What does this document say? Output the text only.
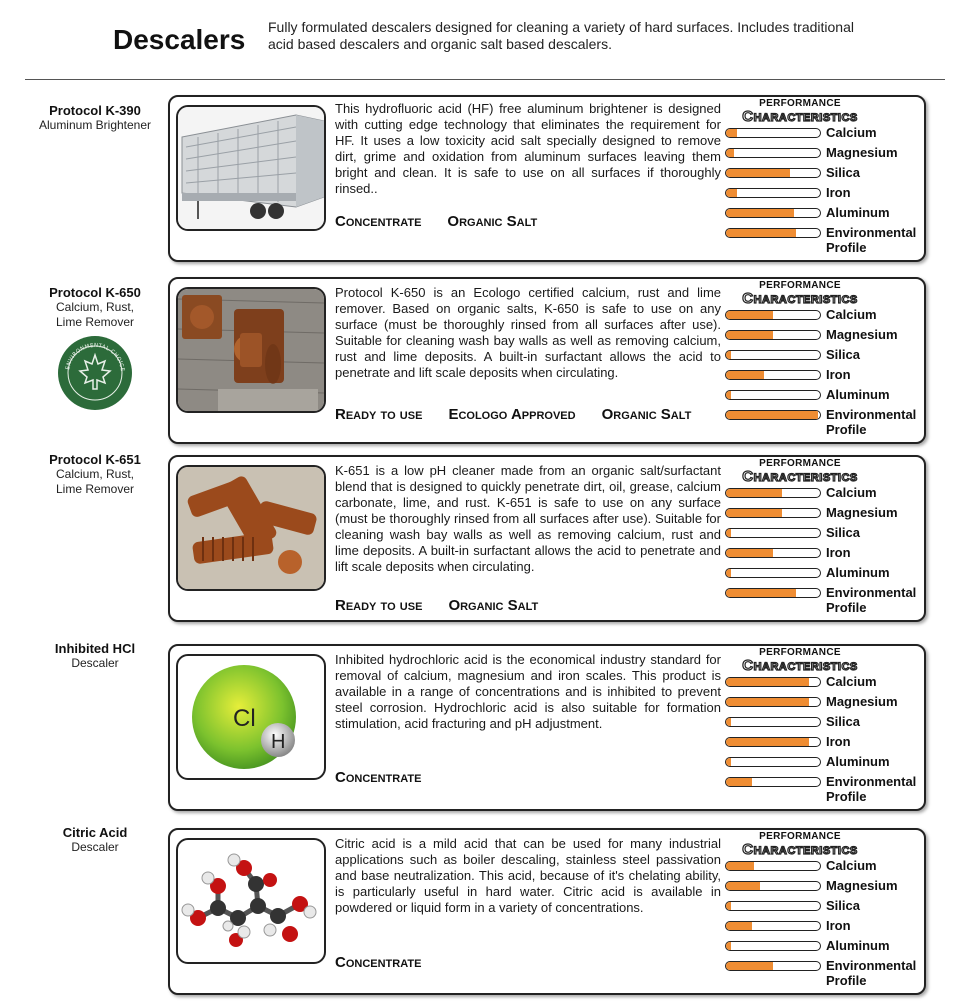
Descalers Fully formulated descalers designed for cleaning a variety of hard surfaces. Includes traditional acid based descalers and organic salt based descalers.
Protocol K-390
Aluminum Brightener
This hydrofluoric acid (HF) free aluminum brightener is designed with cutting edge technology that eliminates the requirement for HF. It uses a low toxicity acid salt specially designed to remove dirt, grime and oxidation from aluminum surfaces leaving them bright and clean. It is safe to use on all surfaces if thoroughly rinsed..
Concentrate Organic Salt
PERFORMANCE
Characteristics
Calcium
Magnesium
Silica
Iron
Aluminum
Environmental Profile
Protocol K-650
Calcium, Rust,
Lime Remover
ENVIRONMENTAL CHOICE
Protocol K-650 is an Ecologo certified calcium, rust and lime remover. Based on organic salts, K-650 is safe to use on any surface (must be thoroughly rinsed from all surfaces after use). Suitable for cleaning wash bay walls as well as removing calcium, rust and lime deposits. A built-in surfactant allows the acid to penetrate and lift scale deposits when circulating.
Ready to use Ecologo Approved Organic Salt
PERFORMANCE
Characteristics
Calcium
Magnesium
Silica
Iron
Aluminum
Environmental Profile
Protocol K-651
Calcium, Rust,
Lime Remover
K-651 is a low pH cleaner made from an organic salt/surfactant blend that is designed to quickly penetrate dirt, oil, grease, calcium carbonate, lime, and rust. K-651 is safe to use on any surface (must be thoroughly rinsed from all surfaces after use). Suitable for cleaning wash bay walls as well as removing calcium, rust and lime deposits. A built-in surfactant allows the acid to penetrate and lift scale deposits when circulating.
Ready to use Organic Salt
PERFORMANCE
Characteristics
Calcium
Magnesium
Silica
Iron
Aluminum
Environmental Profile
Inhibited HCl
Descaler
Cl
H
Inhibited hydrochloric acid is the economical industry standard for removal of calcium, magnesium and iron scales. This product is available in a range of concentrations and is inhibited to prevent steel corrosion. Hydrochloric acid is also suitable for formation stimulation, acid fracturing and pH adjustment.
Concentrate
PERFORMANCE
Characteristics
Calcium
Magnesium
Silica
Iron
Aluminum
Environmental Profile
Citric Acid
Descaler	Citric acid is a mild acid that can be used for many industrial applications such as boiler descaling, stainless steel passivation and base neutralization. This acid, because of it's chelating ability, is particularly useful in hard water. Citric acid is available in powdered or liquid form in a variety of concentrations.
Concentrate
PERFORMANCE
Characteristics
Calcium
Magnesium
Silica
Iron
Aluminum
Environmental Profile
